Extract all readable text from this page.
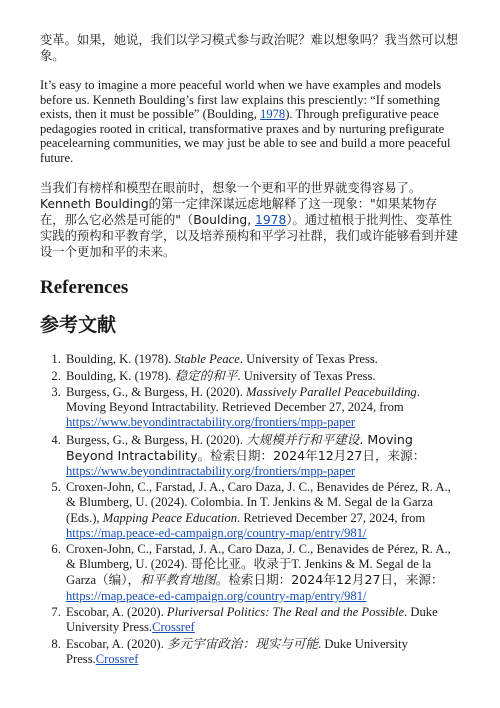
变革。如果，她说，我们以学习模式参与政治呢？难以想象吗？我当然可以想象。

It’s easy to imagine a more peaceful world when we have examples and models before us. Kenneth Boulding’s first law explains this presciently: “If something exists, then it must be possible” (Boulding, 1978). Through prefigurative peace pedagogies rooted in critical, transformative praxes and by nurturing prefigurate peacelearning communities, we may just be able to see and build a more peaceful future.

当我们有榜样和模型在眼前时，想象一个更和平的世界就变得容易了。Kenneth Boulding的第一定律深谋远虑地解释了这一现象："如果某物存在，那么它必然是可能的"（Boulding, 1978）。通过植根于批判性、变革性实践的预构和平教育学，以及培养预构和平学习社群，我们或许能够看到并建设一个更加和平的未来。

References
参考文献
1. Boulding, K. (1978). Stable Peace. University of Texas Press.
2. Boulding, K. (1978). 稳定的和平. University of Texas Press.
3. Burgess, G., & Burgess, H. (2020). Massively Parallel Peacebuilding. Moving Beyond Intractability. Retrieved December 27, 2024, from https://www.beyondintractability.org/frontiers/mpp-paper
4. Burgess, G., & Burgess, H. (2020). 大规模并行和平建设. Moving Beyond Intractability。检索日期：2024年12月27日，来源：https://www.beyondintractability.org/frontiers/mpp-paper
5. Croxen-John, C., Farstad, J. A., Caro Daza, J. C., Benavides de Pérez, R. A., & Blumberg, U. (2024). Colombia. In T. Jenkins & M. Segal de la Garza (Eds.), Mapping Peace Education. Retrieved December 27, 2024, from https://map.peace-ed-campaign.org/country-map/entry/981/
6. Croxen-John, C., Farstad, J. A., Caro Daza, J. C., Benavides de Pérez, R. A., & Blumberg, U. (2024). 哥伦比亚。收录于T. Jenkins & M. Segal de la Garza（编），和平教育地图。检索日期：2024年12月27日，来源：https://map.peace-ed-campaign.org/country-map/entry/981/
7. Escobar, A. (2020). Pluriversal Politics: The Real and the Possible. Duke University Press.Crossref
8. Escobar, A. (2020). 多元宇宙政治：现实与可能. Duke University Press.Crossref
